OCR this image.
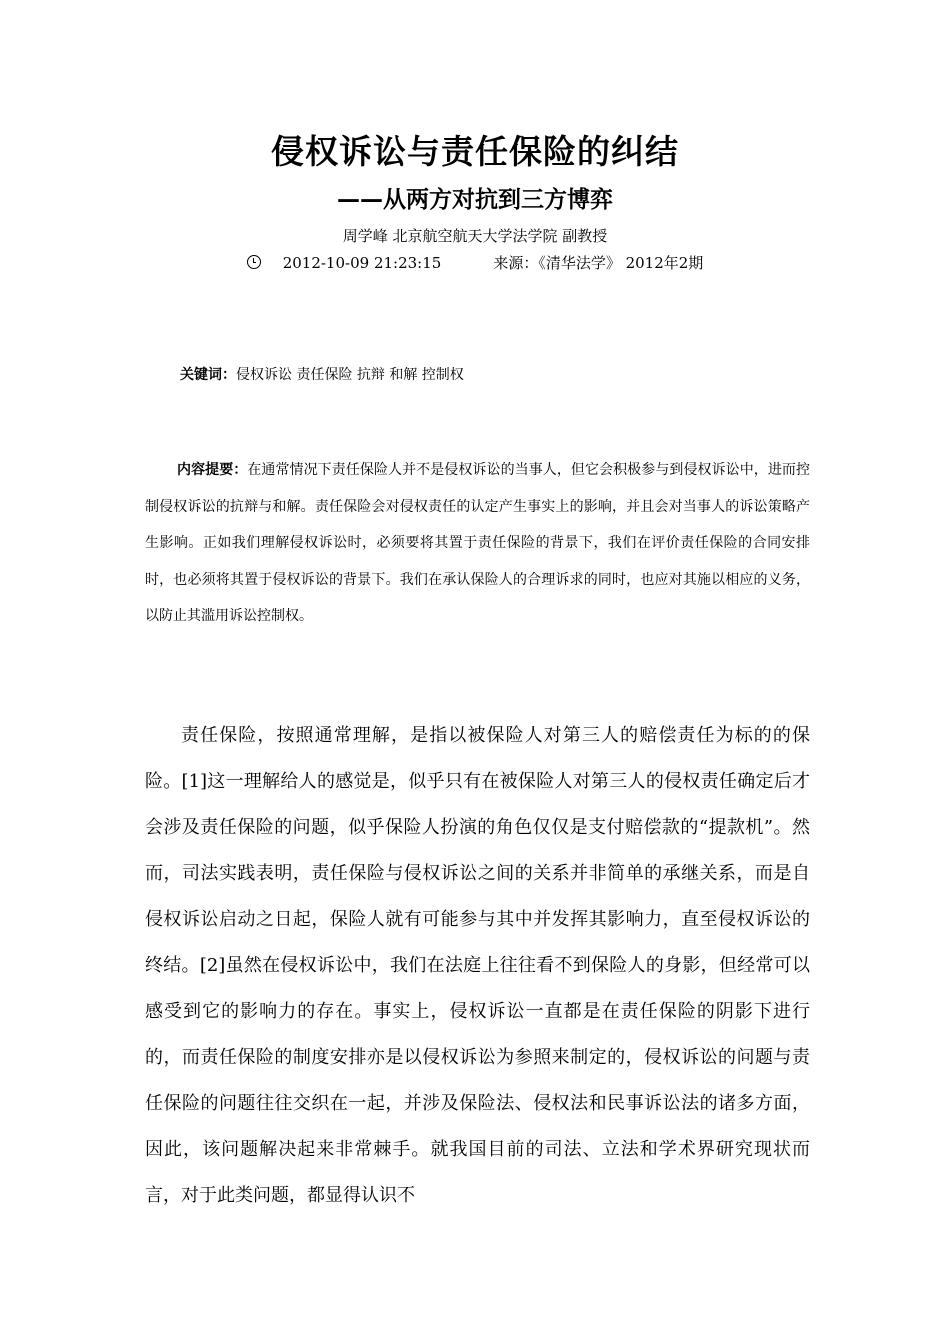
侵权诉讼与责任保险的纠结
——从两方对抗到三方博弈
周学峰 北京航空航天大学法学院 副教授
2012-10-09 21:23:15	来源：《清华法学》 2012年2期
关键词：侵权诉讼 责任保险 抗辩 和解 控制权
内容提要：在通常情况下责任保险人并不是侵权诉讼的当事人，但它会积极参与到侵权诉讼中，进而控制侵权诉讼的抗辩与和解。责任保险会对侵权责任的认定产生事实上的影响，并且会对当事人的诉讼策略产生影响。正如我们理解侵权诉讼时，必须要将其置于责任保险的背景下，我们在评价责任保险的合同安排时，也必须将其置于侵权诉讼的背景下。我们在承认保险人的合理诉求的同时，也应对其施以相应的义务，以防止其滥用诉讼控制权。

责任保险，按照通常理解，是指以被保险人对第三人的赔偿责任为标的的保险。[1]这一理解给人的感觉是，似乎只有在被保险人对第三人的侵权责任确定后才会涉及责任保险的问题，似乎保险人扮演的角色仅仅是支付赔偿款的“提款机”。然而，司法实践表明，责任保险与侵权诉讼之间的关系并非简单的承继关系，而是自侵权诉讼启动之日起，保险人就有可能参与其中并发挥其影响力，直至侵权诉讼的终结。[2]虽然在侵权诉讼中，我们在法庭上往往看不到保险人的身影，但经常可以感受到它的影响力的存在。事实上，侵权诉讼一直都是在责任保险的阴影下进行的，而责任保险的制度安排亦是以侵权诉讼为参照来制定的，侵权诉讼的问题与责任保险的问题往往交织在一起，并涉及保险法、侵权法和民事诉讼法的诸多方面，因此，该问题解决起来非常棘手。就我国目前的司法、立法和学术界研究现状而言，对于此类问题，都显得认识不
